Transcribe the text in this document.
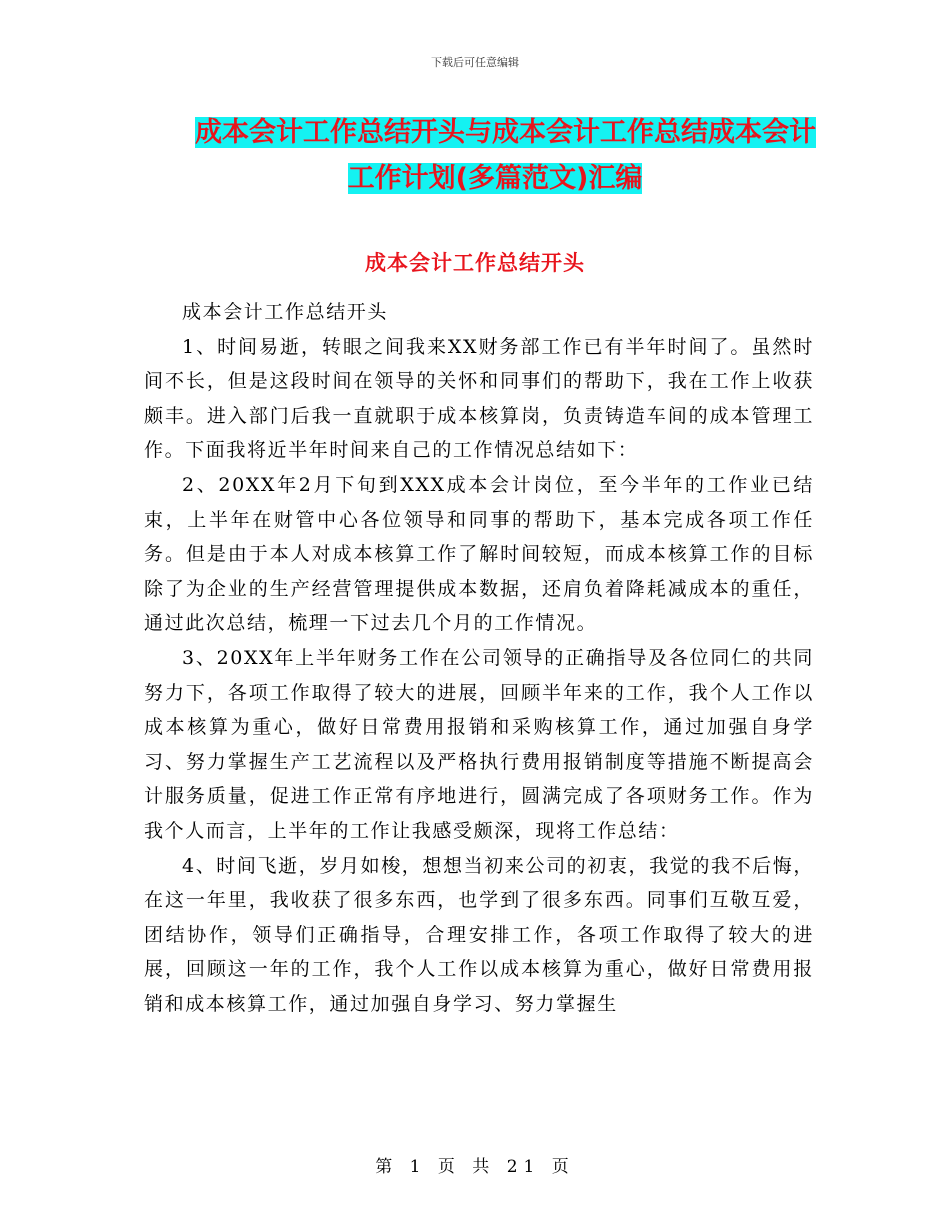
下载后可任意编辑
成本会计工作总结开头与成本会计工作总结成本会计
工作计划(多篇范文)汇编
成本会计工作总结开头

成本会计工作总结开头

1、时间易逝，转眼之间我来XX财务部工作已有半年时间了。虽然时间不长，但是这段时间在领导的关怀和同事们的帮助下，我在工作上收获颇丰。进入部门后我一直就职于成本核算岗，负责铸造车间的成本管理工作。下面我将近半年时间来自己的工作情况总结如下：

2、20XX年2月下旬到XXX成本会计岗位，至今半年的工作业已结束，上半年在财管中心各位领导和同事的帮助下，基本完成各项工作任务。但是由于本人对成本核算工作了解时间较短，而成本核算工作的目标除了为企业的生产经营管理提供成本数据，还肩负着降耗减成本的重任，通过此次总结，梳理一下过去几个月的工作情况。

3、20XX年上半年财务工作在公司领导的正确指导及各位同仁的共同努力下，各项工作取得了较大的进展，回顾半年来的工作，我个人工作以成本核算为重心，做好日常费用报销和采购核算工作，通过加强自身学习、努力掌握生产工艺流程以及严格执行费用报销制度等措施不断提高会计服务质量，促进工作正常有序地进行，圆满完成了各项财务工作。作为我个人而言，上半年的工作让我感受颇深，现将工作总结：

4、时间飞逝，岁月如梭，想想当初来公司的初衷，我觉的我不后悔，在这一年里，我收获了很多东西，也学到了很多东西。同事们互敬互爱，团结协作，领导们正确指导，合理安排工作，各项工作取得了较大的进展，回顾这一年的工作，我个人工作以成本核算为重心，做好日常费用报销和成本核算工作，通过加强自身学习、努力掌握生

第 1 页 共 21 页
